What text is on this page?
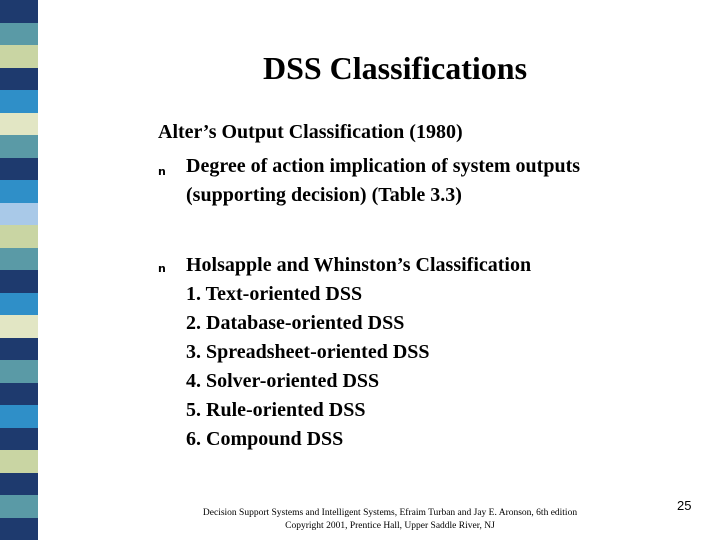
DSS Classifications
Alter’s Output Classification (1980)
n Degree of action implication of system outputs
(supporting decision) (Table 3.3)
n Holsapple and Whinston’s Classification
1. Text-oriented DSS
2. Database-oriented DSS
3. Spreadsheet-oriented DSS
4. Solver-oriented DSS
5. Rule-oriented DSS
6. Compound DSS
Decision Support Systems and Intelligent Systems, Efraim Turban and Jay E. Aronson, 6th edition
Copyright 2001, Prentice Hall, Upper Saddle River, NJ
25
